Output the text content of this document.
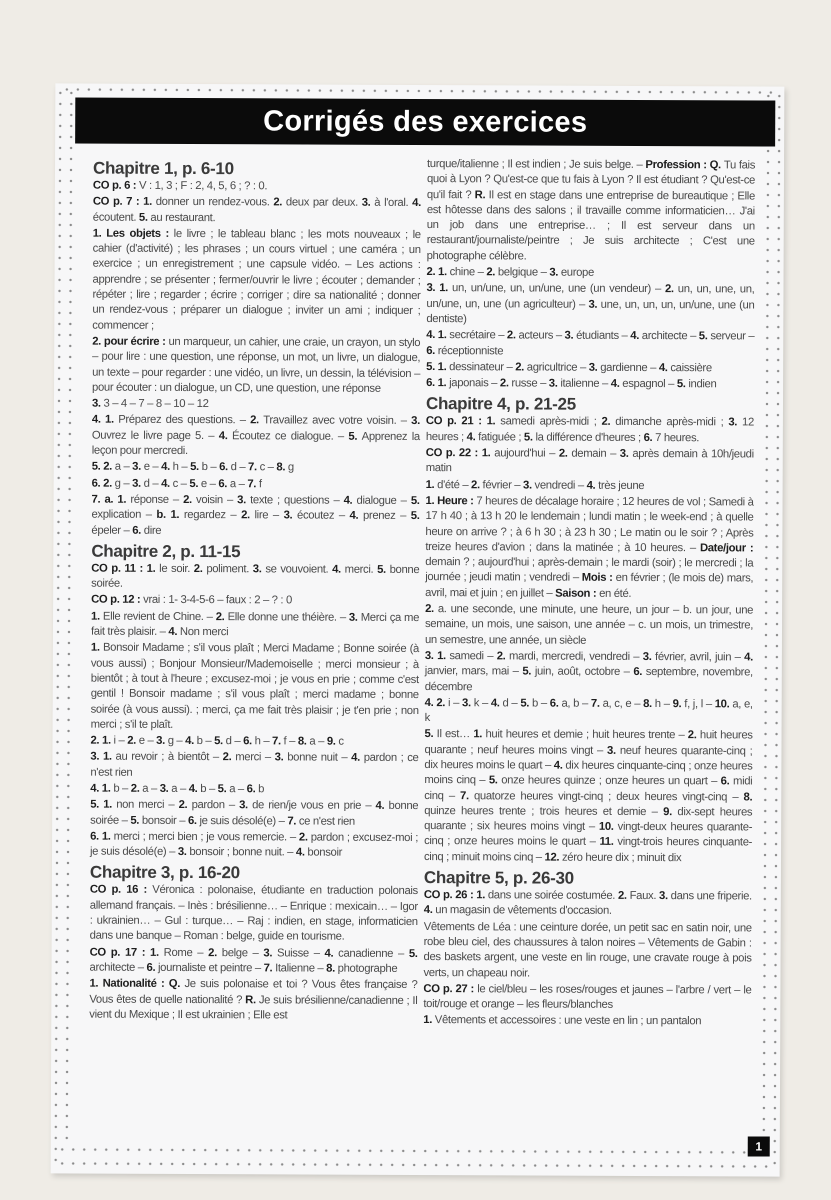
Corrigés des exercices
Chapitre 1, p. 6-10
CO p. 6 : V : 1, 3 ; F : 2, 4, 5, 6 ; ? : 0.
CO p. 7 : 1. donner un rendez-vous. 2. deux par deux. 3. à l'oral. 4. écoutent. 5. au restaurant.
1. Les objets : le livre ; le tableau blanc ; les mots nouveaux ; le cahier (d'activité) ; les phrases ; un cours virtuel ; une caméra ; un exercice ; un enregistrement ; une capsule vidéo. – Les actions : apprendre ; se présenter ; fermer/ouvrir le livre ; écouter ; demander ; répéter ; lire ; regarder ; écrire ; corriger ; dire sa nationalité ; donner un rendez-vous ; préparer un dialogue ; inviter un ami ; indiquer ; commencer ;
2. pour écrire : un marqueur, un cahier, une craie, un crayon, un stylo – pour lire : une question, une réponse, un mot, un livre, un dialogue, un texte – pour regarder : une vidéo, un livre, un dessin, la télévision – pour écouter : un dialogue, un CD, une question, une réponse
3. 3 – 4 – 7 – 8 – 10 – 12
4. 1. Préparez des questions. – 2. Travaillez avec votre voisin. – 3. Ouvrez le livre page 5. – 4. Écoutez ce dialogue. – 5. Apprenez la leçon pour mercredi.
5. 2. a – 3. e – 4. h – 5. b – 6. d – 7. c – 8. g
6. 2. g – 3. d – 4. c – 5. e – 6. a – 7. f
7. a. 1. réponse – 2. voisin – 3. texte ; questions – 4. dialogue – 5. explication – b. 1. regardez – 2. lire – 3. écoutez – 4. prenez – 5. épeler – 6. dire
Chapitre 2, p. 11-15
CO p. 11 : 1. le soir. 2. poliment. 3. se vouvoient. 4. merci. 5. bonne soirée.
CO p. 12 : vrai : 1- 3-4-5-6 – faux : 2 – ? : 0
1. Elle revient de Chine. – 2. Elle donne une théière. – 3. Merci ça me fait très plaisir. – 4. Non merci
1. Bonsoir Madame ; s'il vous plaît ; Merci Madame ; Bonne soirée (à vous aussi) ; Bonjour Monsieur/Mademoiselle ; merci monsieur ; à bientôt ; à tout à l'heure ; excusez-moi ; je vous en prie ; comme c'est gentil ! Bonsoir madame ; s'il vous plaît ; merci madame ; bonne soirée (à vous aussi). ; merci, ça me fait très plaisir ; je t'en prie ; non merci ; s'il te plaît.
2. 1. i – 2. e – 3. g – 4. b – 5. d – 6. h – 7. f – 8. a – 9. c
3. 1. au revoir ; à bientôt – 2. merci – 3. bonne nuit – 4. pardon ; ce n'est rien
4. 1. b – 2. a – 3. a – 4. b – 5. a – 6. b
5. 1. non merci – 2. pardon – 3. de rien/je vous en prie – 4. bonne soirée – 5. bonsoir – 6. je suis désolé(e) – 7. ce n'est rien
6. 1. merci ; merci bien ; je vous remercie. – 2. pardon ; excusez-moi ; je suis désolé(e) – 3. bonsoir ; bonne nuit. – 4. bonsoir
Chapitre 3, p. 16-20
CO p. 16 : Véronica : polonaise, étudiante en traduction polonais allemand français. – Inès : brésilienne… – Enrique : mexicain… – Igor : ukrainien… – Gul : turque… – Raj : indien, en stage, informaticien dans une banque – Roman : belge, guide en tourisme.
CO p. 17 : 1. Rome – 2. belge – 3. Suisse – 4. canadienne – 5. architecte – 6. journaliste et peintre – 7. Italienne – 8. photographe
1. Nationalité : Q. Je suis polonaise et toi ? Vous êtes française ? Vous êtes de quelle nationalité ? R. Je suis brésilienne/canadienne ; Il vient du Mexique ; Il est ukrainien ; Elle est
turque/italienne ; Il est indien ; Je suis belge. – Profession : Q. Tu fais quoi à Lyon ? Qu'est-ce que tu fais à Lyon ? Il est étudiant ? Qu'est-ce qu'il fait ? R. Il est en stage dans une entreprise de bureautique ; Elle est hôtesse dans des salons ; il travaille comme informaticien… J'ai un job dans une entreprise… ; Il est serveur dans un restaurant/journaliste/peintre ; Je suis architecte ; C'est une photographe célèbre.
2. 1. chine – 2. belgique – 3. europe
3. 1. un, un/une, un, un/une, une (un vendeur) – 2. un, un, une, un, un/une, un, une (un agriculteur) – 3. une, un, un, un, un/une, une (un dentiste)
4. 1. secrétaire – 2. acteurs – 3. étudiants – 4. architecte – 5. serveur – 6. réceptionniste
5. 1. dessinateur – 2. agricultrice – 3. gardienne – 4. caissière
6. 1. japonais – 2. russe – 3. italienne – 4. espagnol – 5. indien
Chapitre 4, p. 21-25
CO p. 21 : 1. samedi après-midi ; 2. dimanche après-midi ; 3. 12 heures ; 4. fatiguée ; 5. la différence d'heures ; 6. 7 heures.
CO p. 22 : 1. aujourd'hui – 2. demain – 3. après demain à 10h/jeudi matin
1. d'été – 2. février – 3. vendredi – 4. très jeune
1. Heure : 7 heures de décalage horaire ; 12 heures de vol ; Samedi à 17 h 40 ; à 13 h 20 le lendemain ; lundi matin ; le week-end ; à quelle heure on arrive ? ; à 6 h 30 ; à 23 h 30 ; Le matin ou le soir ? ; Après treize heures d'avion ; dans la matinée ; à 10 heures. – Date/jour : demain ? ; aujourd'hui ; après-demain ; le mardi (soir) ; le mercredi ; la journée ; jeudi matin ; vendredi – Mois : en février ; (le mois de) mars, avril, mai et juin ; en juillet – Saison : en été.
2. a. une seconde, une minute, une heure, un jour – b. un jour, une semaine, un mois, une saison, une année – c. un mois, un trimestre, un semestre, une année, un siècle
3. 1. samedi – 2. mardi, mercredi, vendredi – 3. février, avril, juin – 4. janvier, mars, mai – 5. juin, août, octobre – 6. septembre, novembre, décembre
4. 2. i – 3. k – 4. d – 5. b – 6. a, b – 7. a, c, e – 8. h – 9. f, j, l – 10. a, e, k
5. Il est… 1. huit heures et demie ; huit heures trente – 2. huit heures quarante ; neuf heures moins vingt – 3. neuf heures quarante-cinq ; dix heures moins le quart – 4. dix heures cinquante-cinq ; onze heures moins cinq – 5. onze heures quinze ; onze heures un quart – 6. midi cinq – 7. quatorze heures vingt-cinq ; deux heures vingt-cinq – 8. quinze heures trente ; trois heures et demie – 9. dix-sept heures quarante ; six heures moins vingt – 10. vingt-deux heures quarante-cinq ; onze heures moins le quart – 11. vingt-trois heures cinquante-cinq ; minuit moins cinq – 12. zéro heure dix ; minuit dix
Chapitre 5, p. 26-30
CO p. 26 : 1. dans une soirée costumée. 2. Faux. 3. dans une friperie. 4. un magasin de vêtements d'occasion.
Vêtements de Léa : une ceinture dorée, un petit sac en satin noir, une robe bleu ciel, des chaussures à talon noires – Vêtements de Gabin : des baskets argent, une veste en lin rouge, une cravate rouge à pois verts, un chapeau noir.
CO p. 27 : le ciel/bleu – les roses/rouges et jaunes – l'arbre / vert – le toit/rouge et orange – les fleurs/blanches
1. Vêtements et accessoires : une veste en lin ; un pantalon
1
